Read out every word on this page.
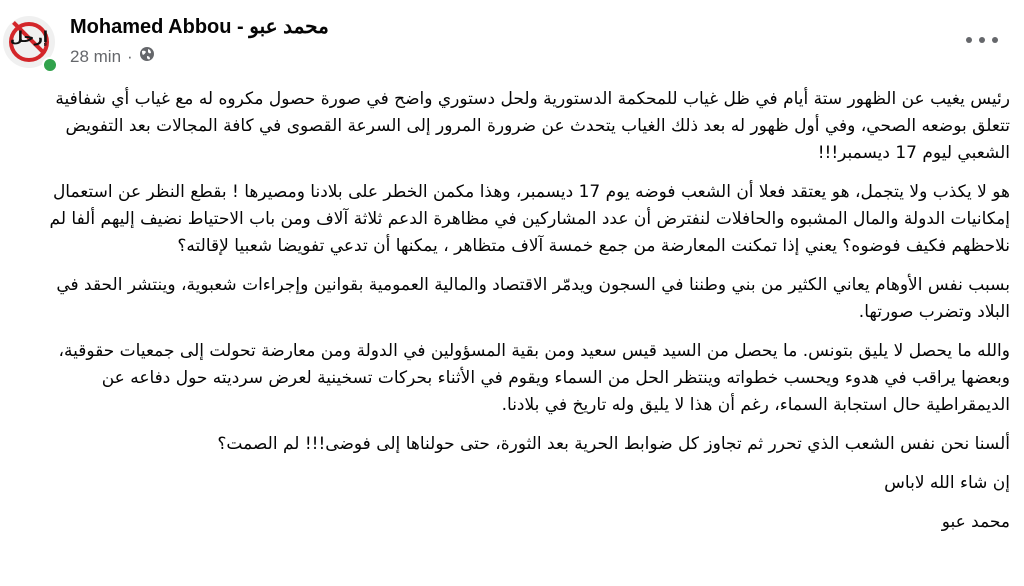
إرحل	Mohamed Abbou - محمد عبو
28 min ·

رئيس يغيب عن الظهور ستة أيام في ظل غياب للمحكمة الدستورية ولحل دستوري واضح في صورة حصول مكروه له مع غياب أي شفافية تتعلق بوضعه الصحي، وفي أول ظهور له بعد ذلك الغياب يتحدث عن ضرورة المرور إلى السرعة القصوى في كافة المجالات بعد التفويض الشعبي ليوم 17 ديسمبر!!!

هو لا يكذب ولا يتجمل، هو يعتقد فعلا أن الشعب فوضه يوم 17 ديسمبر، وهذا مكمن الخطر على بلادنا ومصيرها ! بقطع النظر عن استعمال إمكانيات الدولة والمال المشبوه والحافلات لنفترض أن عدد المشاركين في مظاهرة الدعم ثلاثة آلاف ومن باب الاحتياط نضيف إليهم ألفا لم نلاحظهم فكيف فوضوه؟ يعني إذا تمكنت المعارضة من جمع خمسة آلاف متظاهر ، يمكنها أن تدعي تفويضا شعبيا لإقالته؟

بسبب نفس الأوهام يعاني الكثير من بني وطننا في السجون ويدمّر الاقتصاد والمالية العمومية بقوانين وإجراءات شعبوية، وينتشر الحقد في البلاد وتضرب صورتها.

والله ما يحصل لا يليق بتونس. ما يحصل من السيد قيس سعيد ومن بقية المسؤولين في الدولة ومن معارضة تحولت إلى جمعيات حقوقية، وبعضها يراقب في هدوء ويحسب خطواته وينتظر الحل من السماء ويقوم في الأثناء بحركات تسخينية لعرض سرديته حول دفاعه عن الديمقراطية حال استجابة السماء، رغم أن هذا لا يليق وله تاريخ في بلادنا.

ألسنا نحن نفس الشعب الذي تحرر ثم تجاوز كل ضوابط الحرية بعد الثورة، حتى حولناها إلى فوضى!!! لم الصمت؟

إن شاء الله لاباس

محمد عبو
